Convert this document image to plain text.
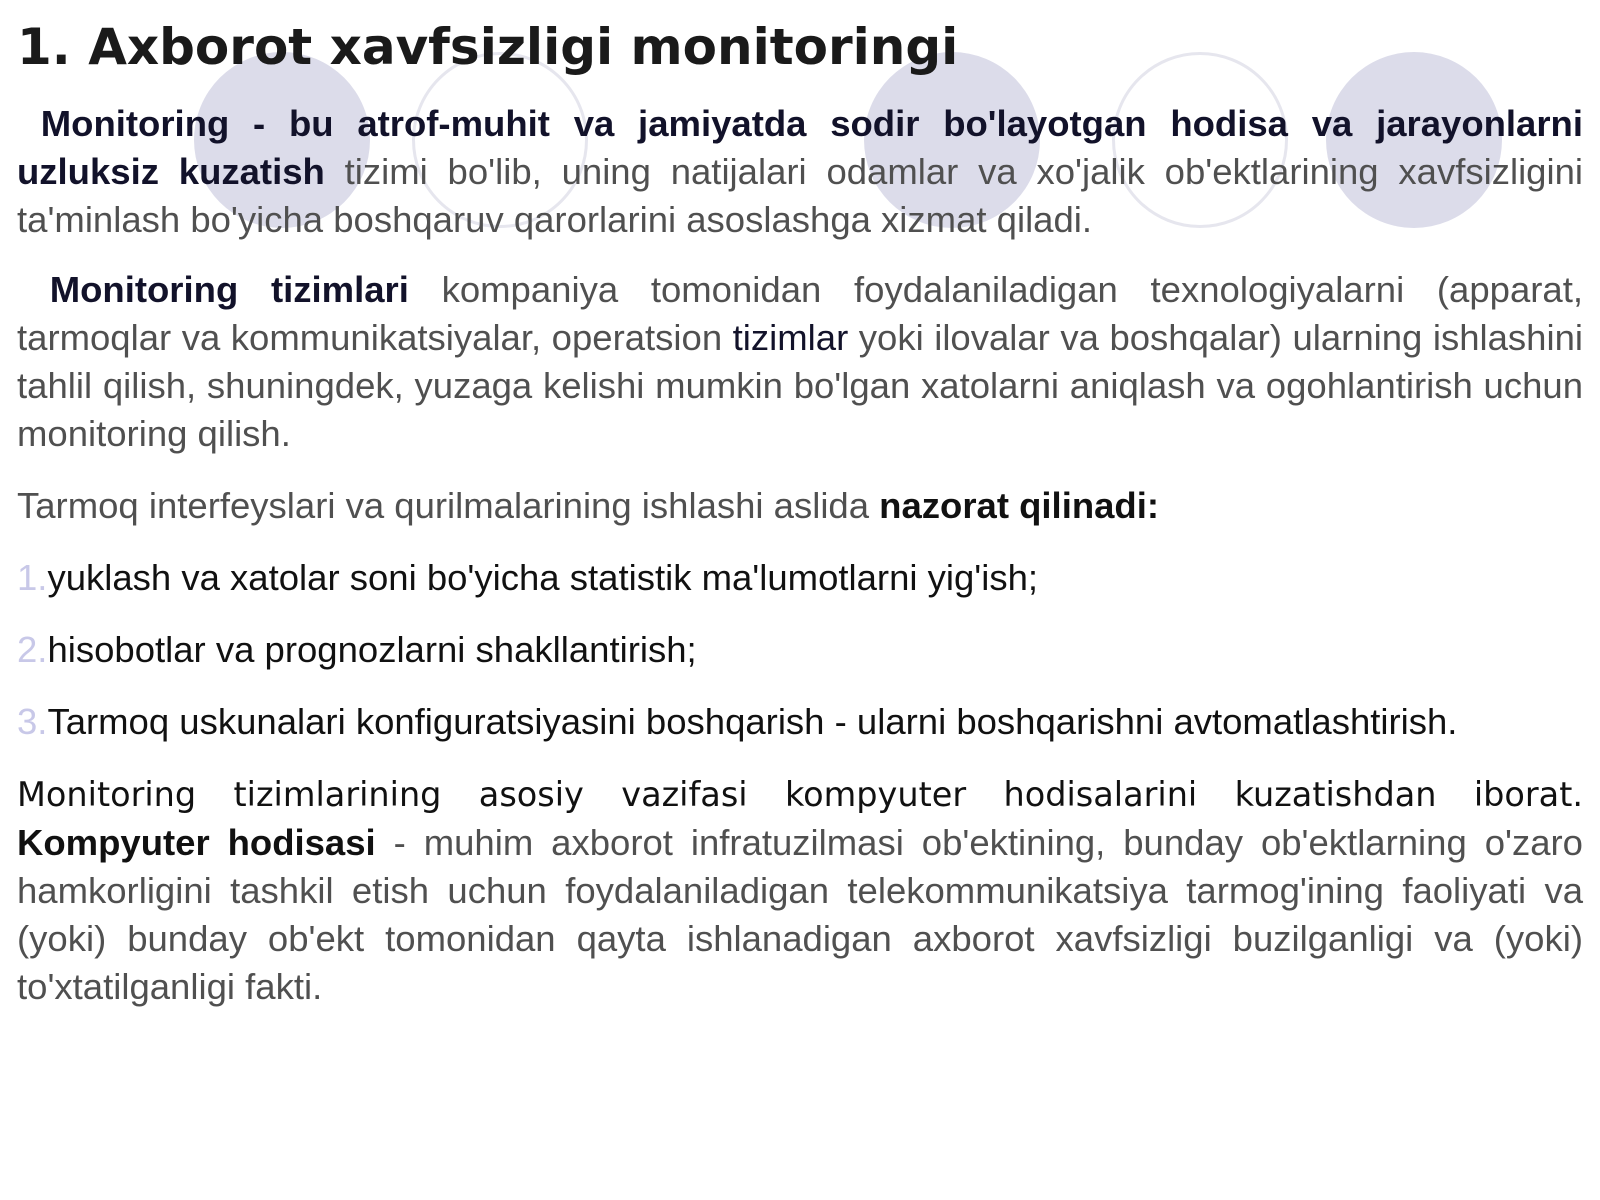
1. Axborot xavfsizligi monitoringi

Monitoring - bu atrof-muhit va jamiyatda sodir bo'layotgan hodisa va jarayonlarni uzluksiz kuzatish tizimi bo'lib, uning natijalari odamlar va xo'jalik ob'ektlarining xavfsizligini ta'minlash bo'yicha boshqaruv qarorlarini asoslashga xizmat qiladi.

Monitoring tizimlari kompaniya tomonidan foydalaniladigan texnologiyalarni (apparat, tarmoqlar va kommunikatsiyalar, operatsion tizimlar yoki ilovalar va boshqalar) ularning ishlashini tahlil qilish, shuningdek, yuzaga kelishi mumkin bo'lgan xatolarni aniqlash va ogohlantirish uchun monitoring qilish.

Tarmoq interfeyslari va qurilmalarining ishlashi aslida nazorat qilinadi:

1.yuklash va xatolar soni bo'yicha statistik ma'lumotlarni yig'ish;

2.hisobotlar va prognozlarni shakllantirish;

3.Tarmoq uskunalari konfiguratsiyasini boshqarish - ularni boshqarishni avtomatlashtirish.

Monitoring tizimlarining asosiy vazifasi kompyuter hodisalarini kuzatishdan iborat. Kompyuter hodisasi - muhim axborot infratuzilmasi ob'ektining, bunday ob'ektlarning o'zaro hamkorligini tashkil etish uchun foydalaniladigan telekommunikatsiya tarmog'ining faoliyati va (yoki) bunday ob'ekt tomonidan qayta ishlanadigan axborot xavfsizligi buzilganligi va (yoki) to'xtatilganligi fakti.
